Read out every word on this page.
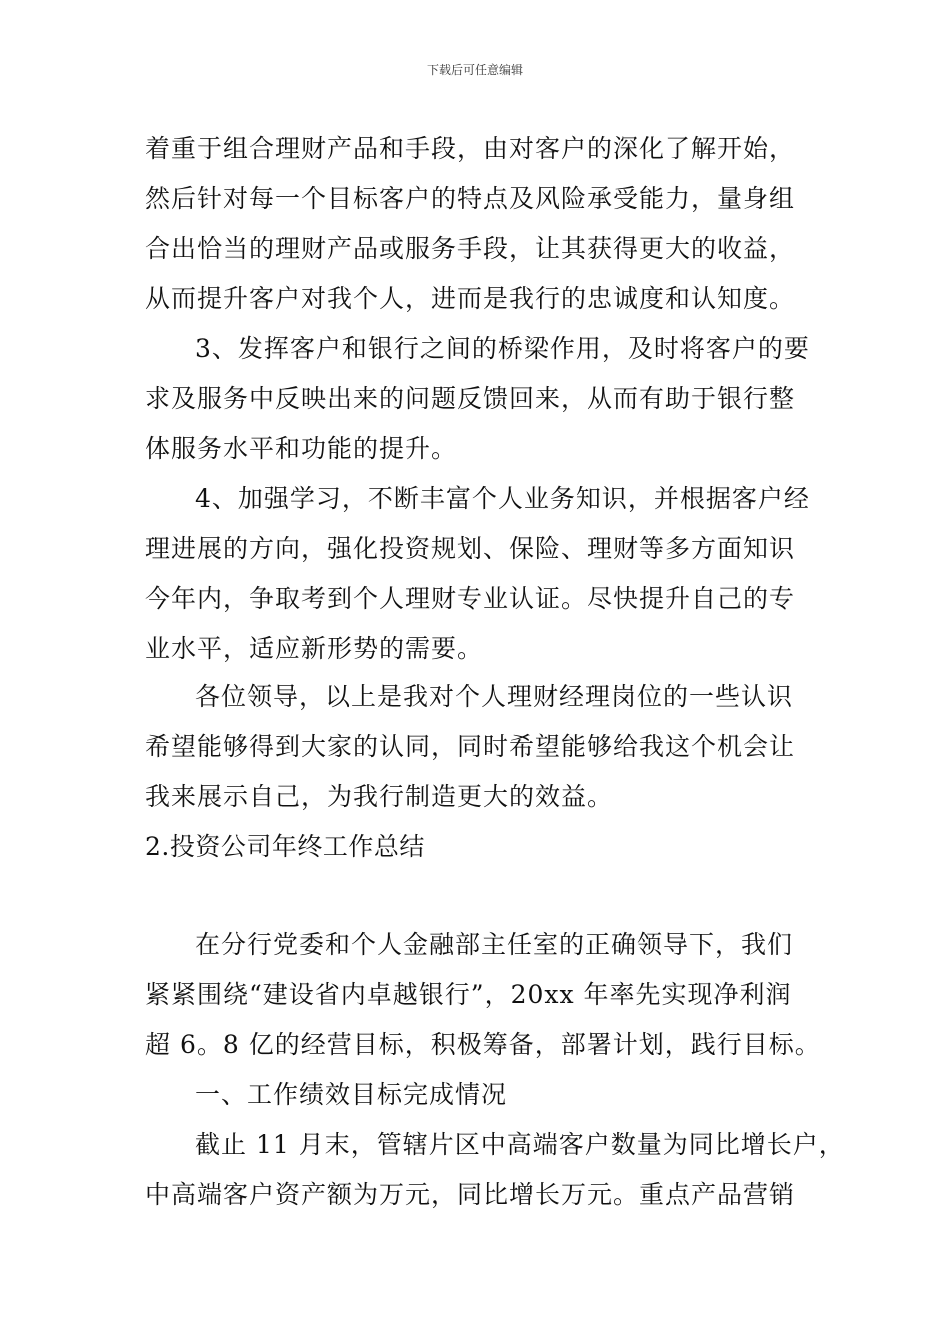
下载后可任意编辑
着重于组合理财产品和手段，由对客户的深化了解开始，
然后针对每一个目标客户的特点及风险承受能力，量身组
合出恰当的理财产品或服务手段，让其获得更大的收益，
从而提升客户对我个人，进而是我行的忠诚度和认知度。
3、发挥客户和银行之间的桥梁作用，及时将客户的要
求及服务中反映出来的问题反馈回来，从而有助于银行整
体服务水平和功能的提升。
4、加强学习，不断丰富个人业务知识，并根据客户经
理进展的方向，强化投资规划、保险、理财等多方面知识
今年内，争取考到个人理财专业认证。尽快提升自己的专
业水平，适应新形势的需要。
各位领导，以上是我对个人理财经理岗位的一些认识
希望能够得到大家的认同，同时希望能够给我这个机会让
我来展示自己，为我行制造更大的效益。
2.投资公司年终工作总结
在分行党委和个人金融部主任室的正确领导下，我们
紧紧围绕“建设省内卓越银行”，20xx 年率先实现净利润
超 6。8 亿的经营目标，积极筹备，部署计划，践行目标。
一、工作绩效目标完成情况
截止 11 月末，管辖片区中高端客户数量为同比增长户，
中高端客户资产额为万元，同比增长万元。重点产品营销
